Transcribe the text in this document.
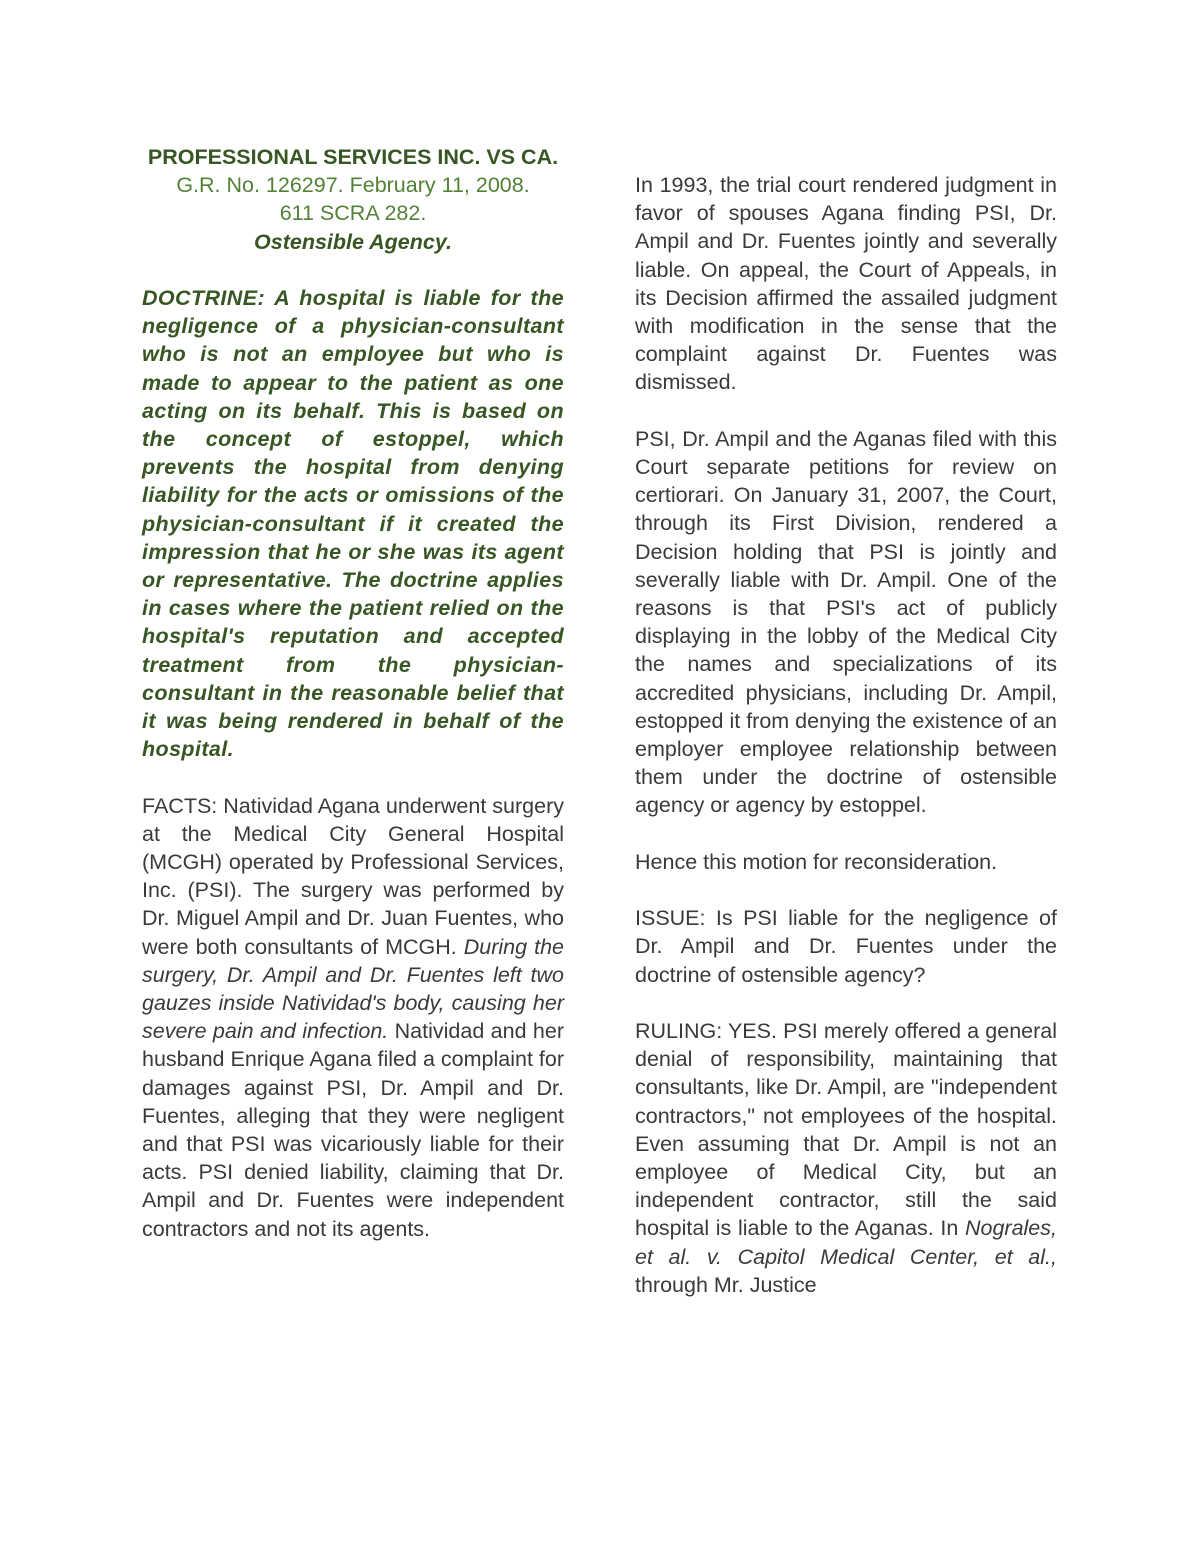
PROFESSIONAL SERVICES INC. VS CA.
G.R. No. 126297. February 11, 2008.
611 SCRA 282.
Ostensible Agency.

DOCTRINE: A hospital is liable for the negligence of a physician-consultant who is not an employee but who is made to appear to the patient as one acting on its behalf. This is based on the concept of estoppel, which prevents the hospital from denying liability for the acts or omissions of the physician-consultant if it created the impression that he or she was its agent or representative. The doctrine applies in cases where the patient relied on the hospital's reputation and accepted treatment from the physician-consultant in the reasonable belief that it was being rendered in behalf of the hospital.

FACTS: Natividad Agana underwent surgery at the Medical City General Hospital (MCGH) operated by Professional Services, Inc. (PSI). The surgery was performed by Dr. Miguel Ampil and Dr. Juan Fuentes, who were both consultants of MCGH. During the surgery, Dr. Ampil and Dr. Fuentes left two gauzes inside Natividad's body, causing her severe pain and infection. Natividad and her husband Enrique Agana filed a complaint for damages against PSI, Dr. Ampil and Dr. Fuentes, alleging that they were negligent and that PSI was vicariously liable for their acts. PSI denied liability, claiming that Dr. Ampil and Dr. Fuentes were independent contractors and not its agents.

In 1993, the trial court rendered judgment in favor of spouses Agana finding PSI, Dr. Ampil and Dr. Fuentes jointly and severally liable. On appeal, the Court of Appeals, in its Decision affirmed the assailed judgment with modification in the sense that the complaint against Dr. Fuentes was dismissed.

PSI, Dr. Ampil and the Aganas filed with this Court separate petitions for review on certiorari. On January 31, 2007, the Court, through its First Division, rendered a Decision holding that PSI is jointly and severally liable with Dr. Ampil. One of the reasons is that PSI's act of publicly displaying in the lobby of the Medical City the names and specializations of its accredited physicians, including Dr. Ampil, estopped it from denying the existence of an employer employee relationship between them under the doctrine of ostensible agency or agency by estoppel.

Hence this motion for reconsideration.

ISSUE: Is PSI liable for the negligence of Dr. Ampil and Dr. Fuentes under the doctrine of ostensible agency?

RULING: YES. PSI merely offered a general denial of responsibility, maintaining that consultants, like Dr. Ampil, are "independent contractors," not employees of the hospital. Even assuming that Dr. Ampil is not an employee of Medical City, but an independent contractor, still the said hospital is liable to the Aganas. In Nograles, et al. v. Capitol Medical Center, et al., through Mr. Justice
